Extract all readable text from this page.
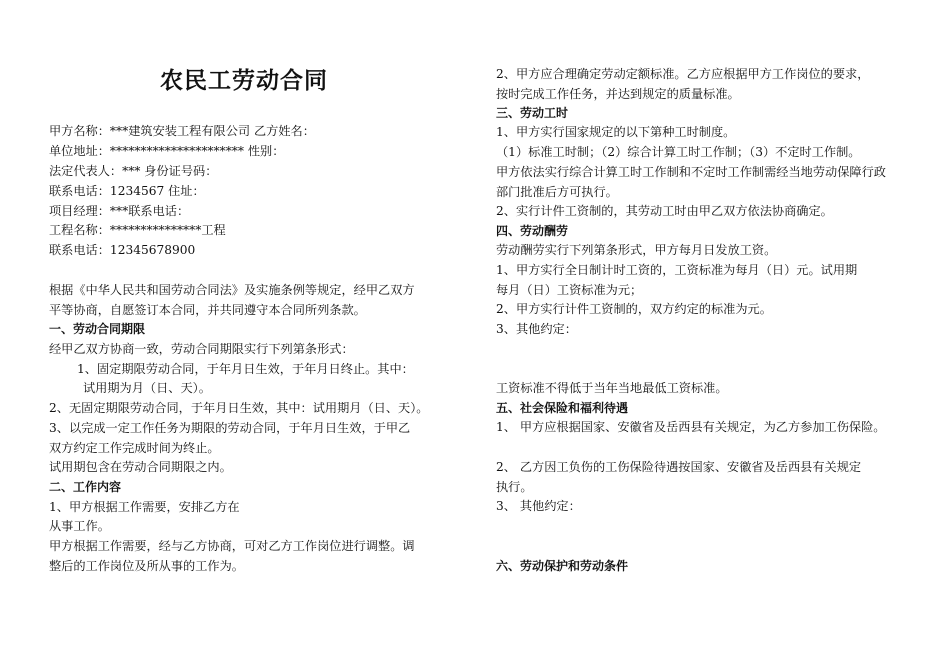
农民工劳动合同
甲方名称：***建筑安装工程有限公司 乙方姓名：
单位地址：********************** 性别：
法定代表人：*** 身份证号码：
联系电话：1234567 住址：
项目经理：***联系电话：
工程名称：***************工程
联系电话：12345678900
根据《中华人民共和国劳动合同法》及实施条例等规定，经甲乙双方
平等协商，自愿签订本合同，并共同遵守本合同所列条款。
一、劳动合同期限
经甲乙双方协商一致，劳动合同期限实行下列第条形式：
1、固定期限劳动合同，于年月日生效，于年月日终止。其中：
试用期为月（日、天）。
2、无固定期限劳动合同，于年月日生效，其中：试用期月（日、天）。
3、以完成一定工作任务为期限的劳动合同，于年月日生效，于甲乙
双方约定工作完成时间为终止。
试用期包含在劳动合同期限之内。
二、工作内容
1、甲方根据工作需要，安排乙方在
从事工作。
甲方根据工作需要，经与乙方协商，可对乙方工作岗位进行调整。调
整后的工作岗位及所从事的工作为。
2、甲方应合理确定劳动定额标准。乙方应根据甲方工作岗位的要求，
按时完成工作任务，并达到规定的质量标准。
三、劳动工时
1、甲方实行国家规定的以下第种工时制度。
（1）标准工时制；（2）综合计算工时工作制；（3）不定时工作制。
甲方依法实行综合计算工时工作制和不定时工作制需经当地劳动保障行政
部门批准后方可执行。
2、实行计件工资制的，其劳动工时由甲乙双方依法协商确定。
四、劳动酬劳
劳动酬劳实行下列第条形式，甲方每月日发放工资。
1、甲方实行全日制计时工资的，工资标准为每月（日）元。试用期
每月（日）工资标准为元；
2、甲方实行计件工资制的，双方约定的标准为元。
3、其他约定：
工资标准不得低于当年当地最低工资标准。
五、社会保险和福利待遇
1、 甲方应根据国家、安徽省及岳西县有关规定，为乙方参加工伤保险。
2、 乙方因工负伤的工伤保险待遇按国家、安徽省及岳西县有关规定
执行。
3、 其他约定：
六、劳动保护和劳动条件
